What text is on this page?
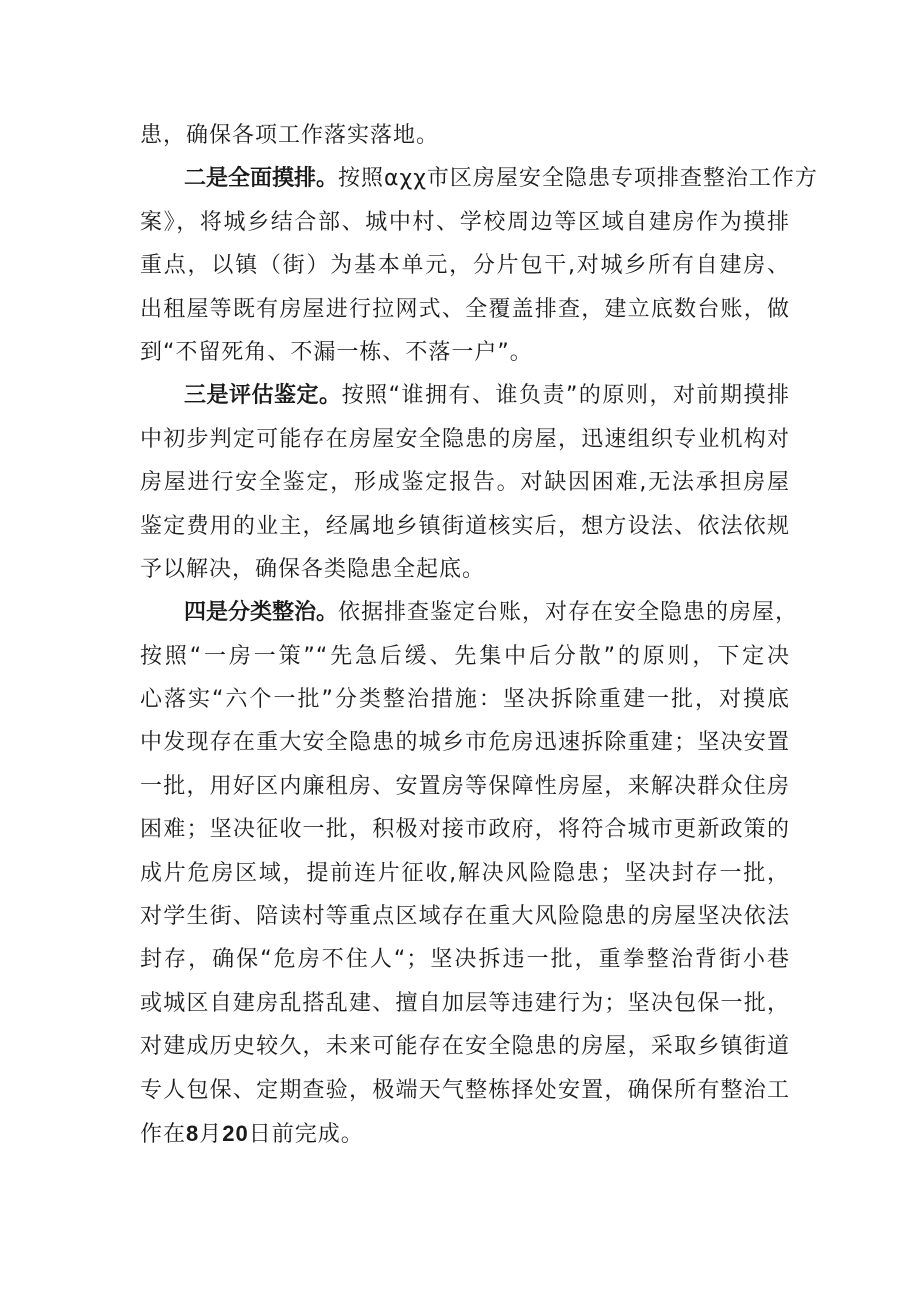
患，确保各项工作落实落地。
二是全面摸排。按照αχχ市区房屋安全隐患专项排查整治工作方
案》，将城乡结合部、城中村、学校周边等区域自建房作为摸排
重点，以镇（街）为基本单元，分片包干,对城乡所有自建房、
出租屋等既有房屋进行拉网式、全覆盖排查，建立底数台账，做
到“不留死角、不漏一栋、不落一户”。
三是评估鉴定。按照“谁拥有、谁负责”的原则，对前期摸排
中初步判定可能存在房屋安全隐患的房屋，迅速组织专业机构对
房屋进行安全鉴定，形成鉴定报告。对缺因困难,无法承担房屋
鉴定费用的业主，经属地乡镇街道核实后，想方设法、依法依规
予以解决，确保各类隐患全起底。
四是分类整治。依据排查鉴定台账，对存在安全隐患的房屋，
按照“一房一策”“先急后缓、先集中后分散”的原则，下定决
心落实“六个一批”分类整治措施：坚决拆除重建一批，对摸底
中发现存在重大安全隐患的城乡市危房迅速拆除重建；坚决安置
一批，用好区内廉租房、安置房等保障性房屋，来解决群众住房
困难；坚决征收一批，积极对接市政府，将符合城市更新政策的
成片危房区域，提前连片征收,解决风险隐患；坚决封存一批，
对学生街、陪读村等重点区域存在重大风险隐患的房屋坚决依法
封存，确保“危房不住人“；坚决拆违一批，重拳整治背街小巷
或城区自建房乱搭乱建、擅自加层等违建行为；坚决包保一批，
对建成历史较久，未来可能存在安全隐患的房屋，采取乡镇街道
专人包保、定期查验，极端天气整栋择处安置，确保所有整治工
作在8月20日前完成。
